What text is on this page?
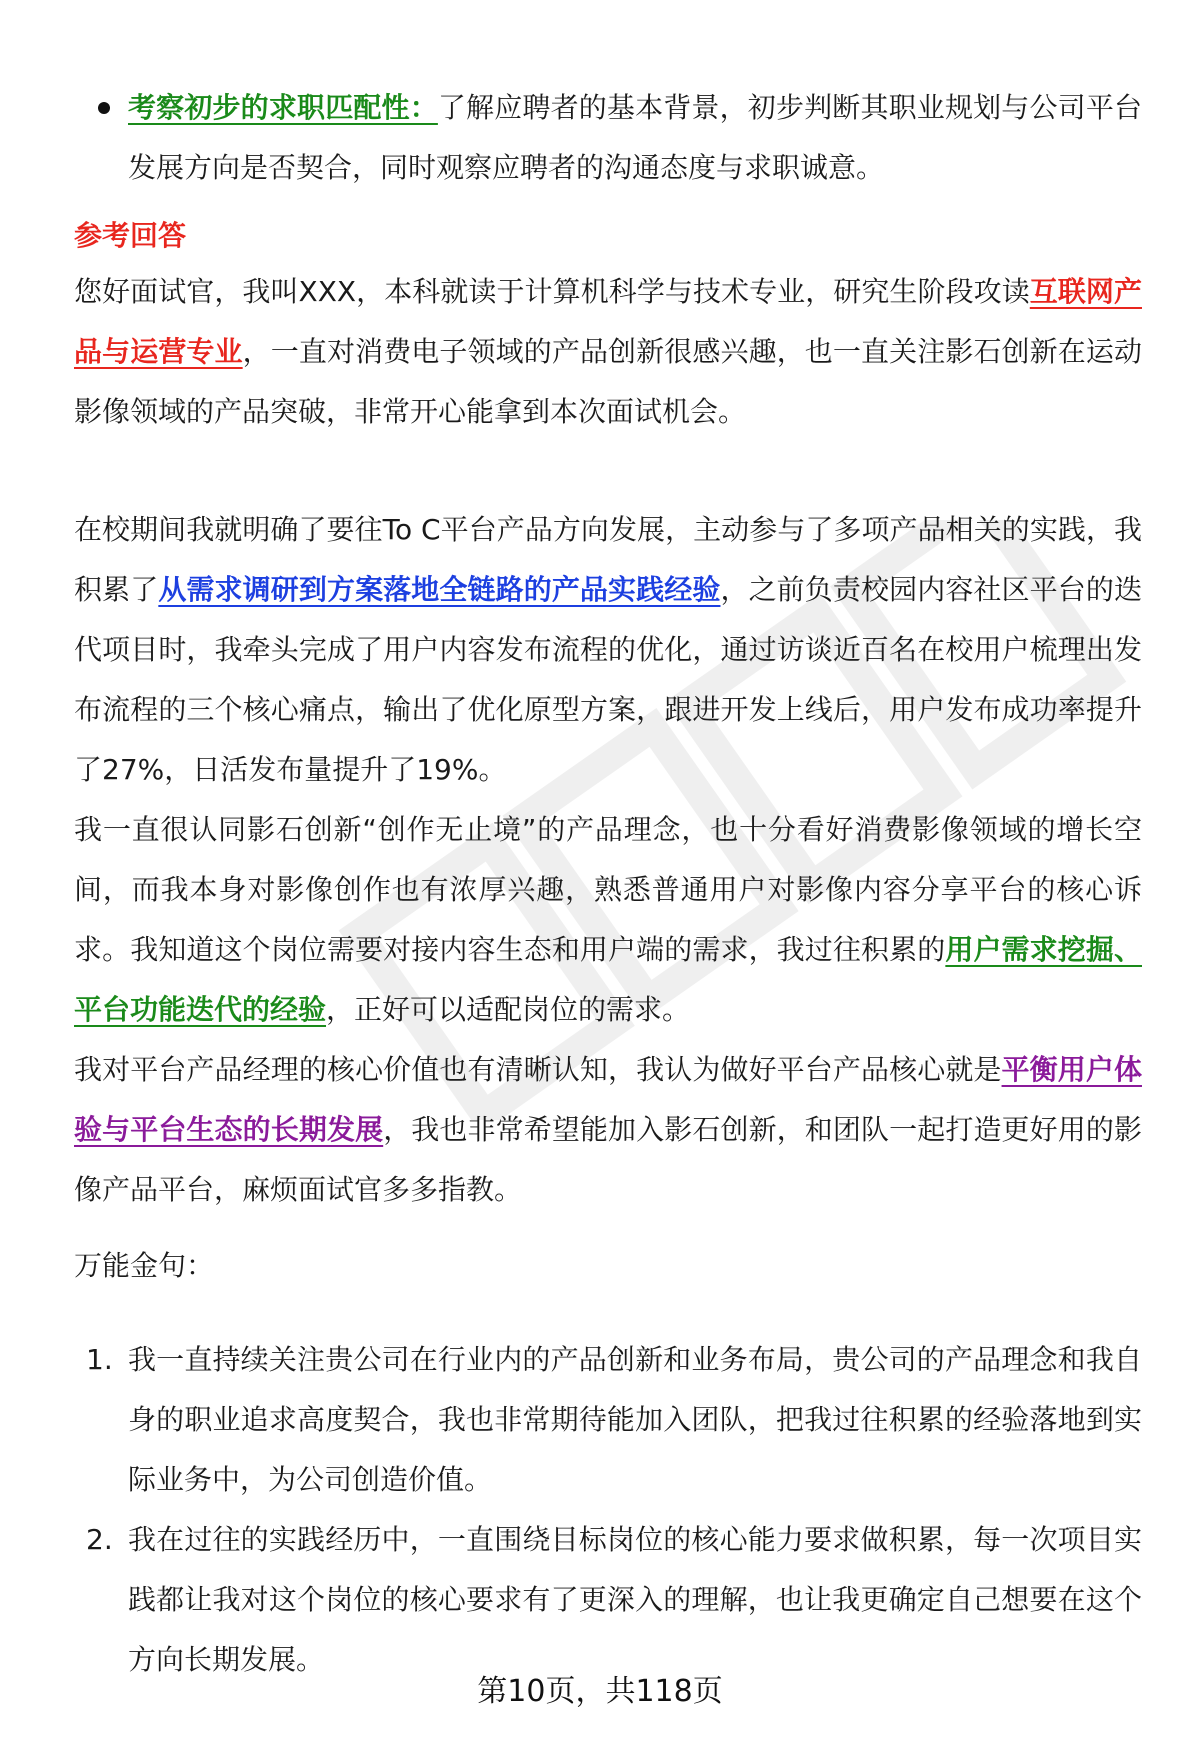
考察初步的求职匹配性：了解应聘者的基本背景，初步判断其职业规划与公司平台发展方向是否契合，同时观察应聘者的沟通态度与求职诚意。
参考回答
您好面试官，我叫XXX，本科就读于计算机科学与技术专业，研究生阶段攻读互联网产品与运营专业，一直对消费电子领域的产品创新很感兴趣，也一直关注影石创新在运动影像领域的产品突破，非常开心能拿到本次面试机会。
在校期间我就明确了要往To C平台产品方向发展，主动参与了多项产品相关的实践，我积累了从需求调研到方案落地全链路的产品实践经验，之前负责校园内容社区平台的迭代项目时，我牵头完成了用户内容发布流程的优化，通过访谈近百名在校用户梳理出发布流程的三个核心痛点，输出了优化原型方案，跟进开发上线后，用户发布成功率提升了27%，日活发布量提升了19%。
我一直很认同影石创新“创作无止境”的产品理念，也十分看好消费影像领域的增长空间，而我本身对影像创作也有浓厚兴趣，熟悉普通用户对影像内容分享平台的核心诉求。我知道这个岗位需要对接内容生态和用户端的需求，我过往积累的用户需求挖掘、平台功能迭代的经验，正好可以适配岗位的需求。
我对平台产品经理的核心价值也有清晰认知，我认为做好平台产品核心就是平衡用户体验与平台生态的长期发展，我也非常希望能加入影石创新，和团队一起打造更好用的影像产品平台，麻烦面试官多多指教。
万能金句：
1. 我一直持续关注贵公司在行业内的产品创新和业务布局，贵公司的产品理念和我自身的职业追求高度契合，我也非常期待能加入团队，把我过往积累的经验落地到实际业务中，为公司创造价值。
2. 我在过往的实践经历中，一直围绕目标岗位的核心能力要求做积累，每一次项目实践都让我对这个岗位的核心要求有了更深入的理解，也让我更确定自己想要在这个方向长期发展。
第10页，共118页
